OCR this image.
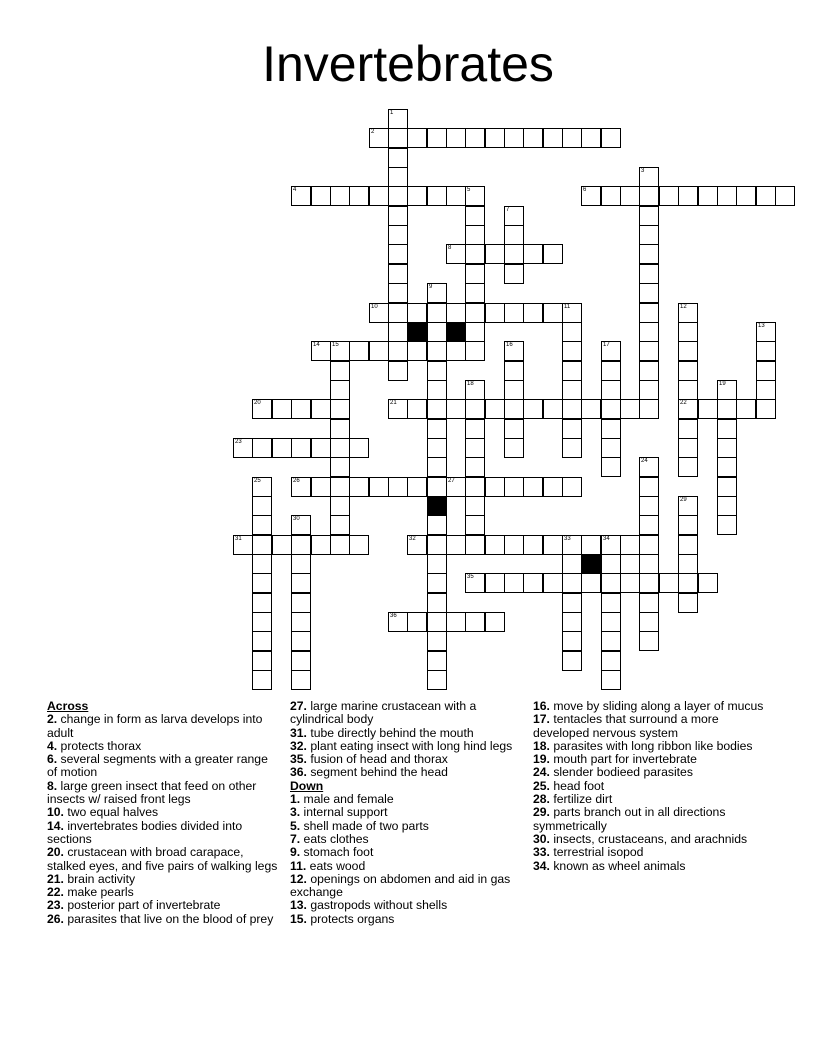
Invertebrates
1
2
3
4	5	6
7
8
9
10	11	12
22
13
14 15	16	17
18	19
20	21
23
24
25	26	27
29
30
31	32	33	34
35
36
Across
2. change in form as larva develops into adult
4. protects thorax
6. several segments with a greater range of motion
8. large green insect that feed on other insects w/ raised front legs
10. two equal halves
14. invertebrates bodies divided into sections
20. crustacean with broad carapace, stalked eyes, and five pairs of walking legs
21. brain activity
22. make pearls
23. posterior part of invertebrate
26. parasites that live on the blood of prey
27. large marine crustacean with a cylindrical body
31. tube directly behind the mouth
32. plant eating insect with long hind legs
35. fusion of head and thorax
36. segment behind the head
Down
1. male and female
3. internal support
5. shell made of two parts
7. eats clothes
9. stomach foot
11. eats wood
12. openings on abdomen and aid in gas exchange
13. gastropods without shells
15. protects organs
16. move by sliding along a layer of mucus
17. tentacles that surround a more developed nervous system
18. parasites with long ribbon like bodies
19. mouth part for invertebrate
24. slender bodieed parasites
25. head foot
28. fertilize dirt
29. parts branch out in all directions symmetrically
30. insects, crustaceans, and arachnids
33. terrestrial isopod
34. known as wheel animals
